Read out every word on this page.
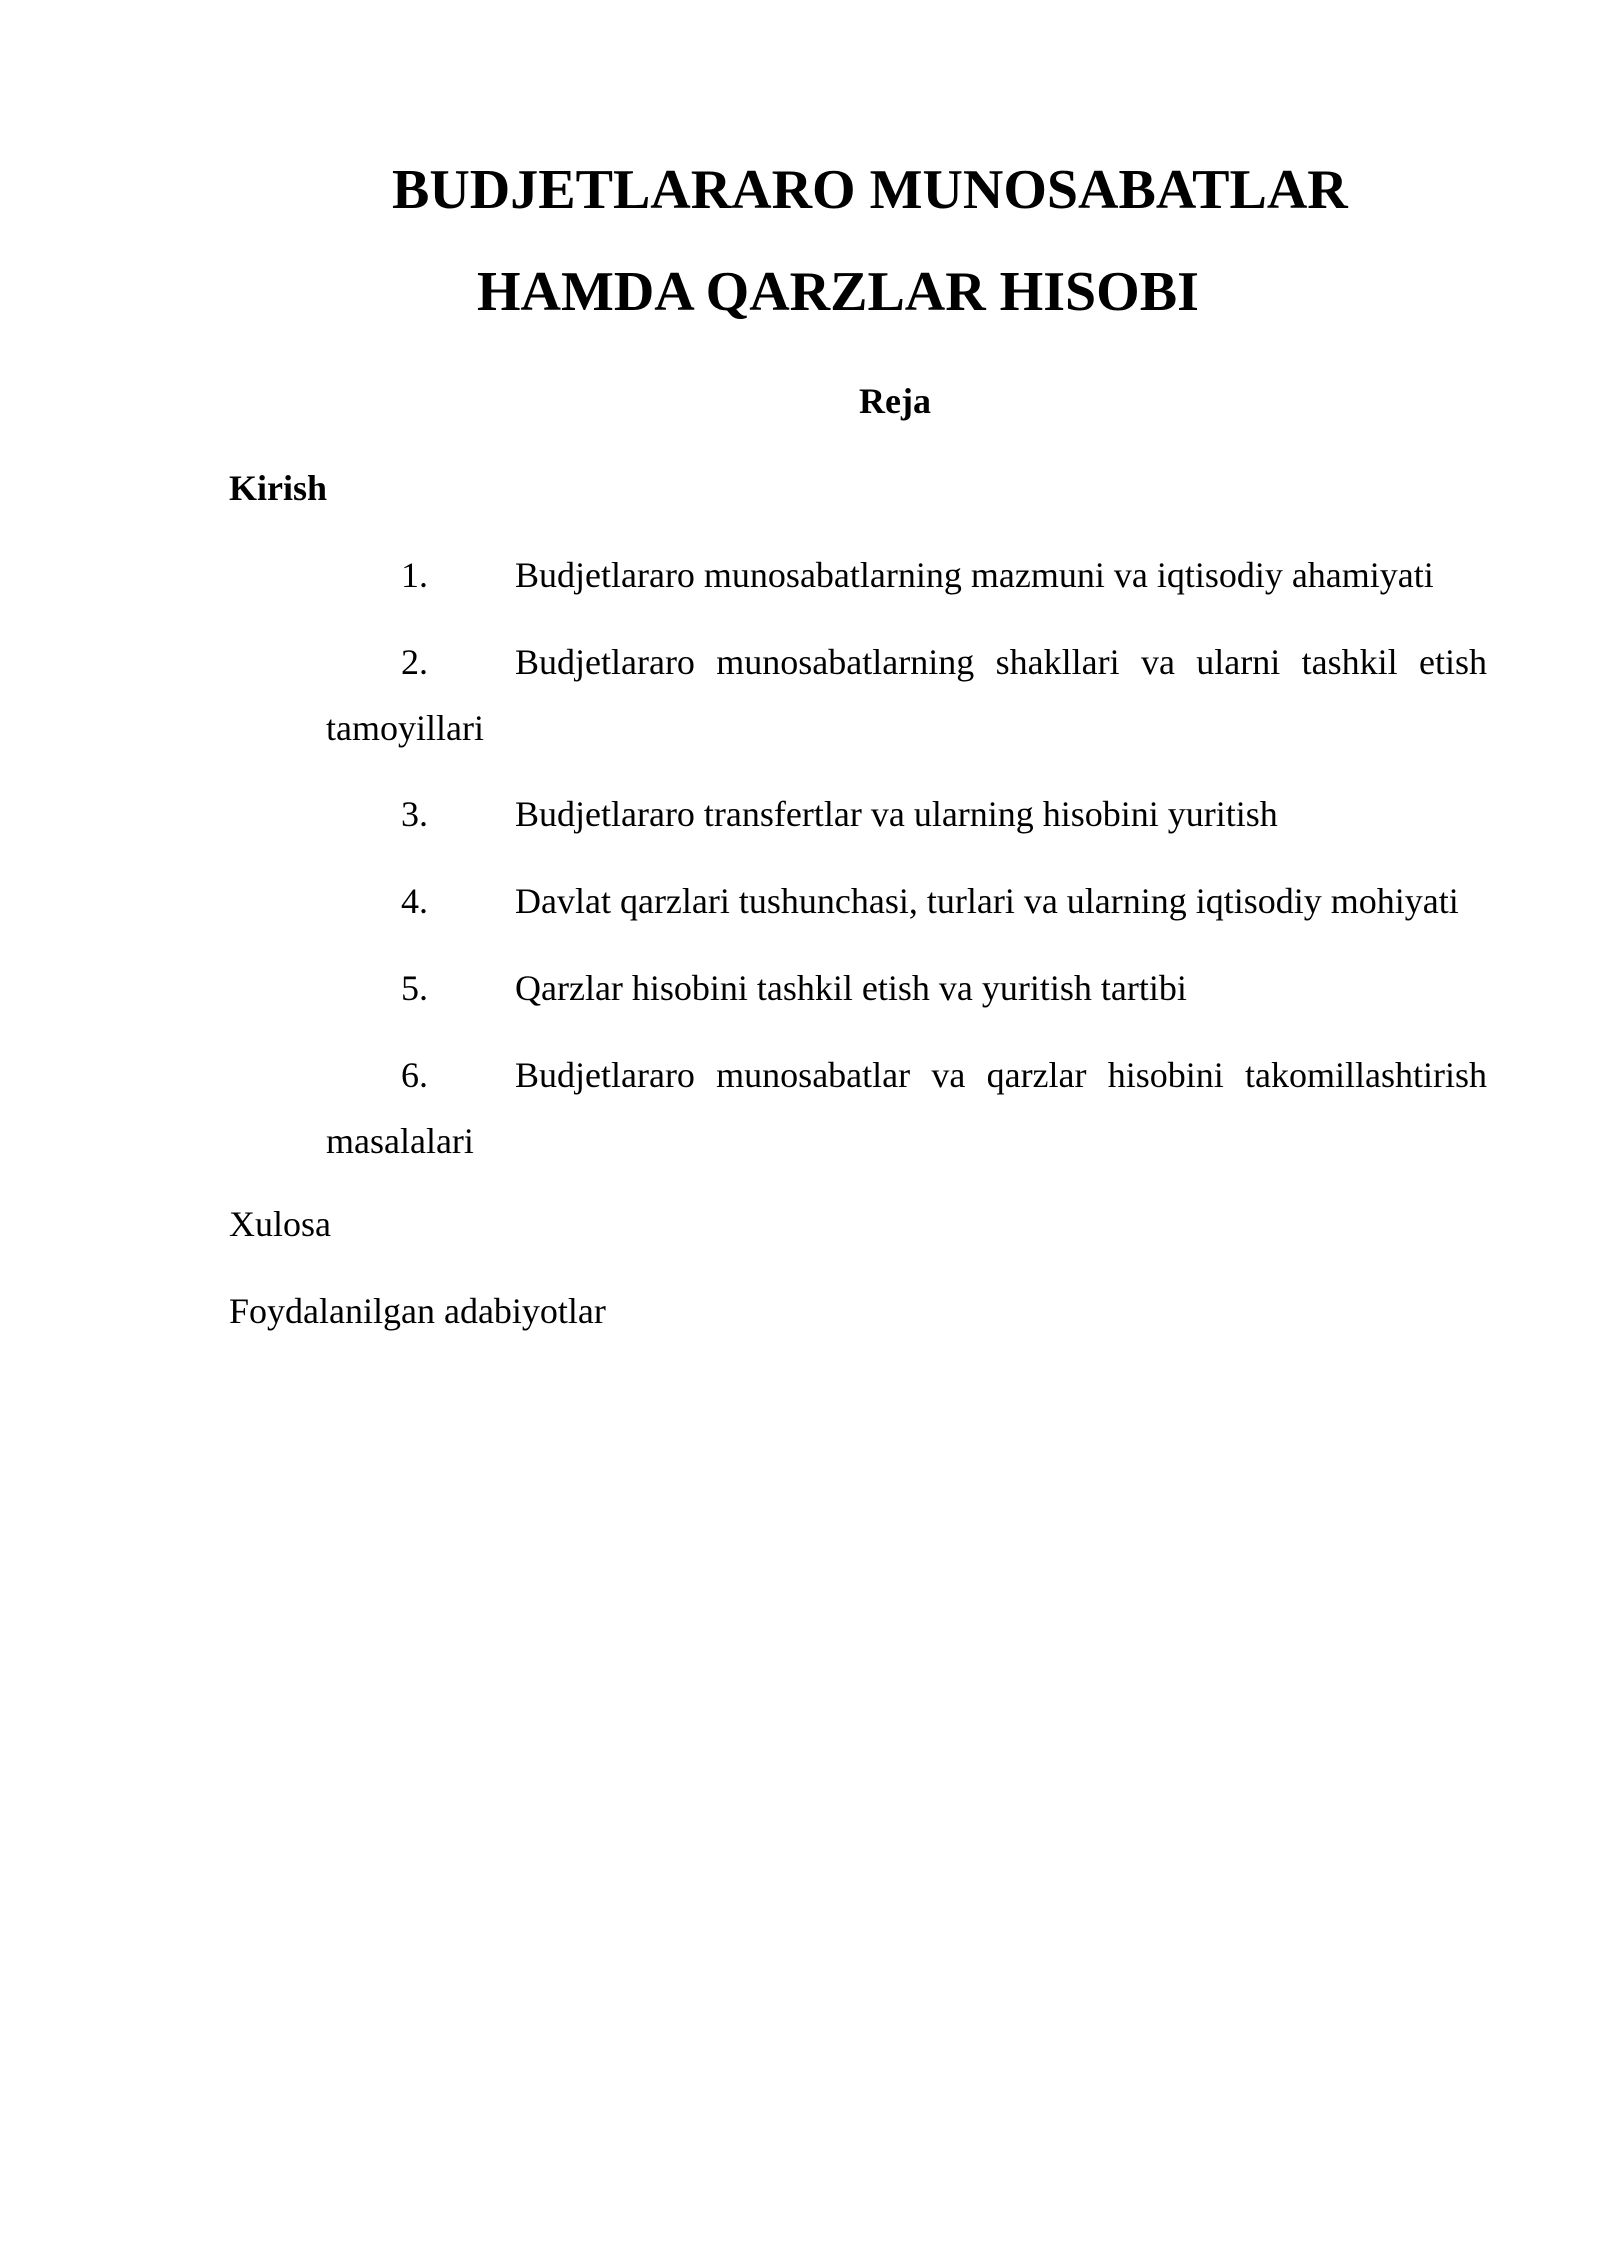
BUDJETLARARO MUNOSABATLAR
HAMDA QARZLAR HISOBI
Reja
Kirish
1. Budjetlararo munosabatlarning mazmuni va iqtisodiy ahamiyati
2. Budjetlararo munosabatlarning shakllari va ularni tashkil etish
tamoyillari
3. Budjetlararo transfertlar va ularning hisobini yuritish
4. Davlat qarzlari tushunchasi, turlari va ularning iqtisodiy mohiyati
5. Qarzlar hisobini tashkil etish va yuritish tartibi
6. Budjetlararo munosabatlar va qarzlar hisobini takomillashtirish
masalalari
Xulosa
Foydalanilgan adabiyotlar
